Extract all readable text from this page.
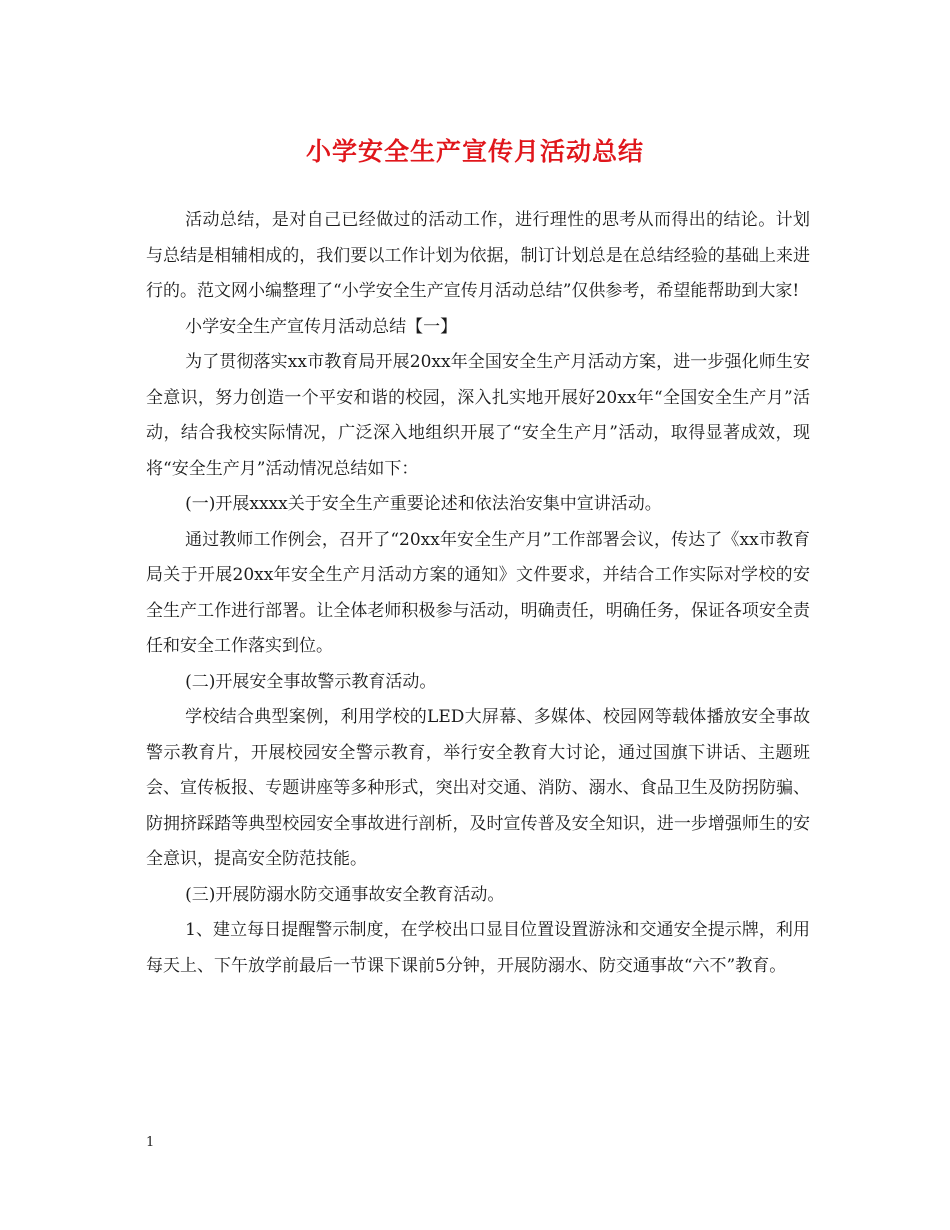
小学安全生产宣传月活动总结

活动总结，是对自己已经做过的活动工作，进行理性的思考从而得出的结论。计划与总结是相辅相成的，我们要以工作计划为依据，制订计划总是在总结经验的基础上来进行的。范文网小编整理了“小学安全生产宣传月活动总结”仅供参考，希望能帮助到大家!

小学安全生产宣传月活动总结【一】

为了贯彻落实xx市教育局开展20xx年全国安全生产月活动方案，进一步强化师生安全意识，努力创造一个平安和谐的校园，深入扎实地开展好20xx年“全国安全生产月”活动，结合我校实际情况，广泛深入地组织开展了“安全生产月”活动，取得显著成效，现将“安全生产月”活动情况总结如下：

(一)开展xxxx关于安全生产重要论述和依法治安集中宣讲活动。

通过教师工作例会，召开了“20xx年安全生产月”工作部署会议，传达了《xx市教育局关于开展20xx年安全生产月活动方案的通知》文件要求，并结合工作实际对学校的安全生产工作进行部署。让全体老师积极参与活动，明确责任，明确任务，保证各项安全责任和安全工作落实到位。

(二)开展安全事故警示教育活动。

学校结合典型案例，利用学校的LED大屏幕、多媒体、校园网等载体播放安全事故警示教育片，开展校园安全警示教育，举行安全教育大讨论，通过国旗下讲话、主题班会、宣传板报、专题讲座等多种形式，突出对交通、消防、溺水、食品卫生及防拐防骗、防拥挤踩踏等典型校园安全事故进行剖析，及时宣传普及安全知识，进一步增强师生的安全意识，提高安全防范技能。

(三)开展防溺水防交通事故安全教育活动。

1、建立每日提醒警示制度，在学校出口显目位置设置游泳和交通安全提示牌，利用每天上、下午放学前最后一节课下课前5分钟，开展防溺水、防交通事故“六不”教育。

1
